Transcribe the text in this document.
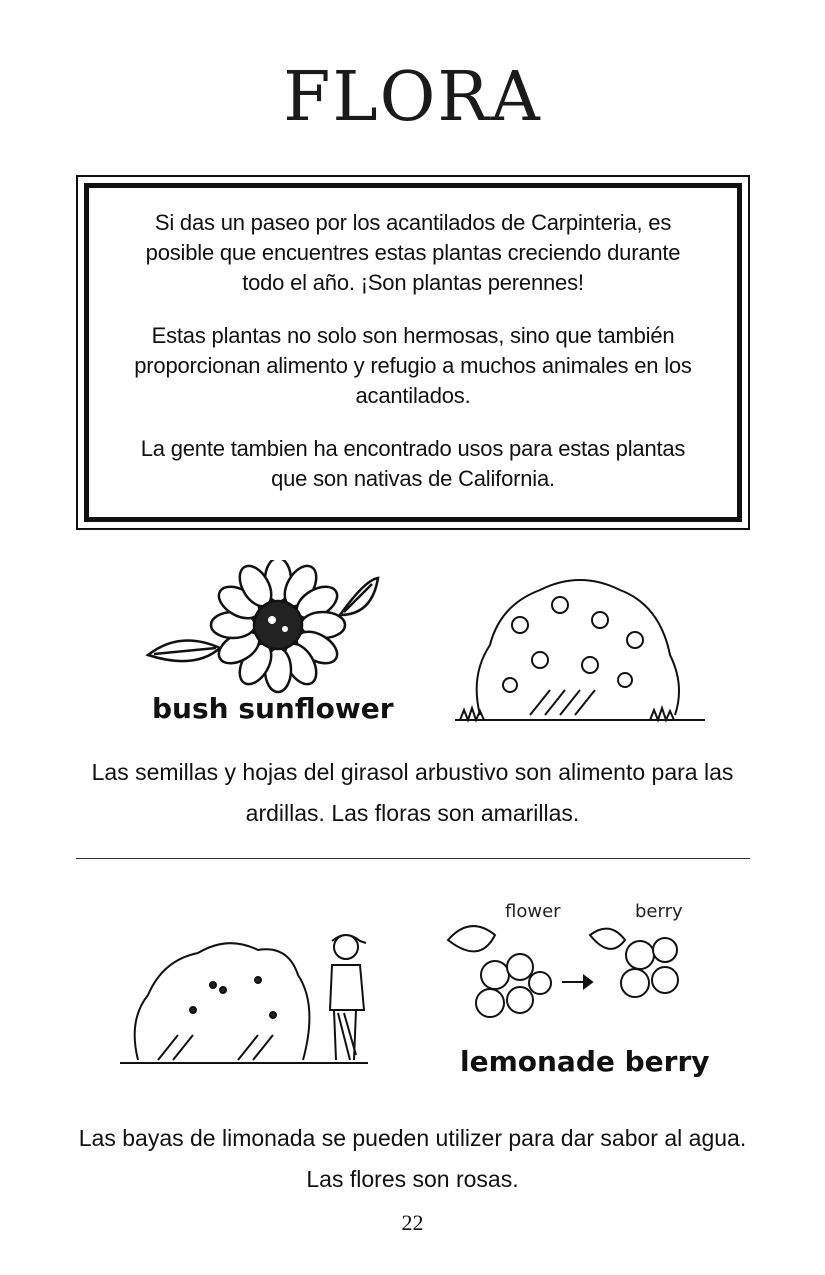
FLORA

Si das un paseo por los acantilados de Carpinteria, es posible que encuentres estas plantas creciendo durante todo el año. ¡Son plantas perennes!

Estas plantas no solo son hermosas, sino que también proporcionan alimento y refugio a muchos animales en los acantilados.

La gente tambien ha encontrado usos para estas plantas que son nativas de California.

bush sunflower

Las semillas y hojas del girasol arbustivo son alimento para las

ardillas. Las floras son amarillas.

flower	berry
lemonade berry

Las bayas de limonada se pueden utilizer para dar sabor al agua.

Las flores son rosas.

22
